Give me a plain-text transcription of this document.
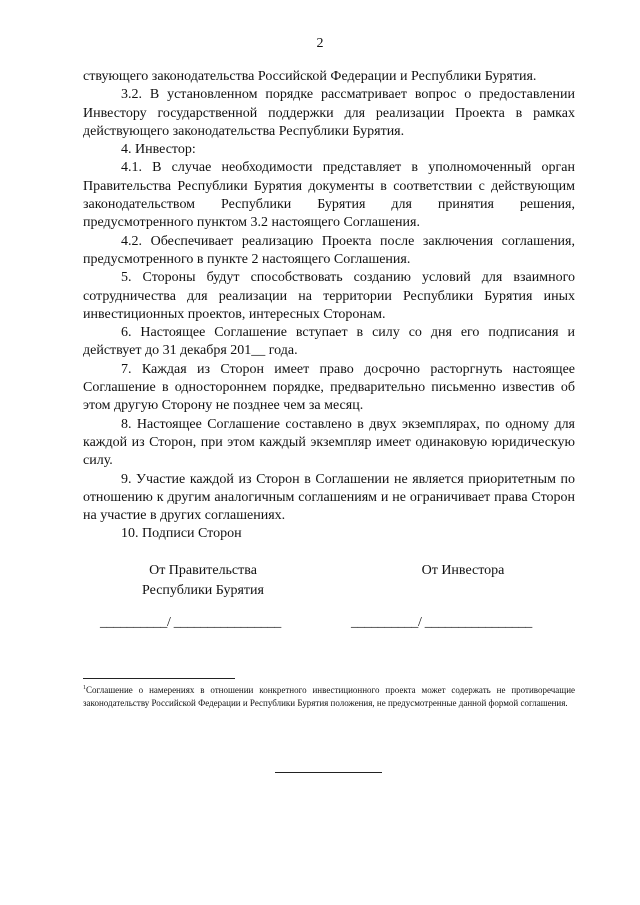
2

ствующего законодательства Российской Федерации и Республики Бурятия.

3.2. В установленном порядке рассматривает вопрос о предоставлении Инвестору государственной поддержки для реализации Проекта в рамках действующего законодательства Республики Бурятия.

4. Инвестор:

4.1. В случае необходимости представляет в уполномоченный орган Правительства Республики Бурятия документы в соответствии с действующим законодательством Республики Бурятия для принятия решения, предусмотренного пунктом 3.2 настоящего Соглашения.

4.2. Обеспечивает реализацию Проекта после заключения соглашения, предусмотренного в пункте 2 настоящего Соглашения.

5. Стороны будут способствовать созданию условий для взаимного сотрудничества для реализации на территории Республики Бурятия иных инвестиционных проектов, интересных Сторонам.

6. Настоящее Соглашение вступает в силу со дня его подписания и действует до 31 декабря 201__ года.

7. Каждая из Сторон имеет право досрочно расторгнуть настоящее Соглашение в одностороннем порядке, предварительно письменно известив об этом другую Сторону не позднее чем за месяц.

8. Настоящее Соглашение составлено в двух экземплярах, по одному для каждой из Сторон, при этом каждый экземпляр имеет одинаковую юридическую силу.

9. Участие каждой из Сторон в Соглашении не является приоритетным по отношению к другим аналогичным соглашениям и не ограничивает права Сторон на участие в других соглашениях.

10. Подписи Сторон

От Правительства
Республики Бурятия
От Инвестора
__________/ ________________	__________/ ________________
$^1$Соглашение о намерениях в отношении конкретного инвестиционного проекта может содержать не противоречащие законодательству Российской Федерации и Республики Бурятия положения, не предусмотренные данной формой соглашения.
